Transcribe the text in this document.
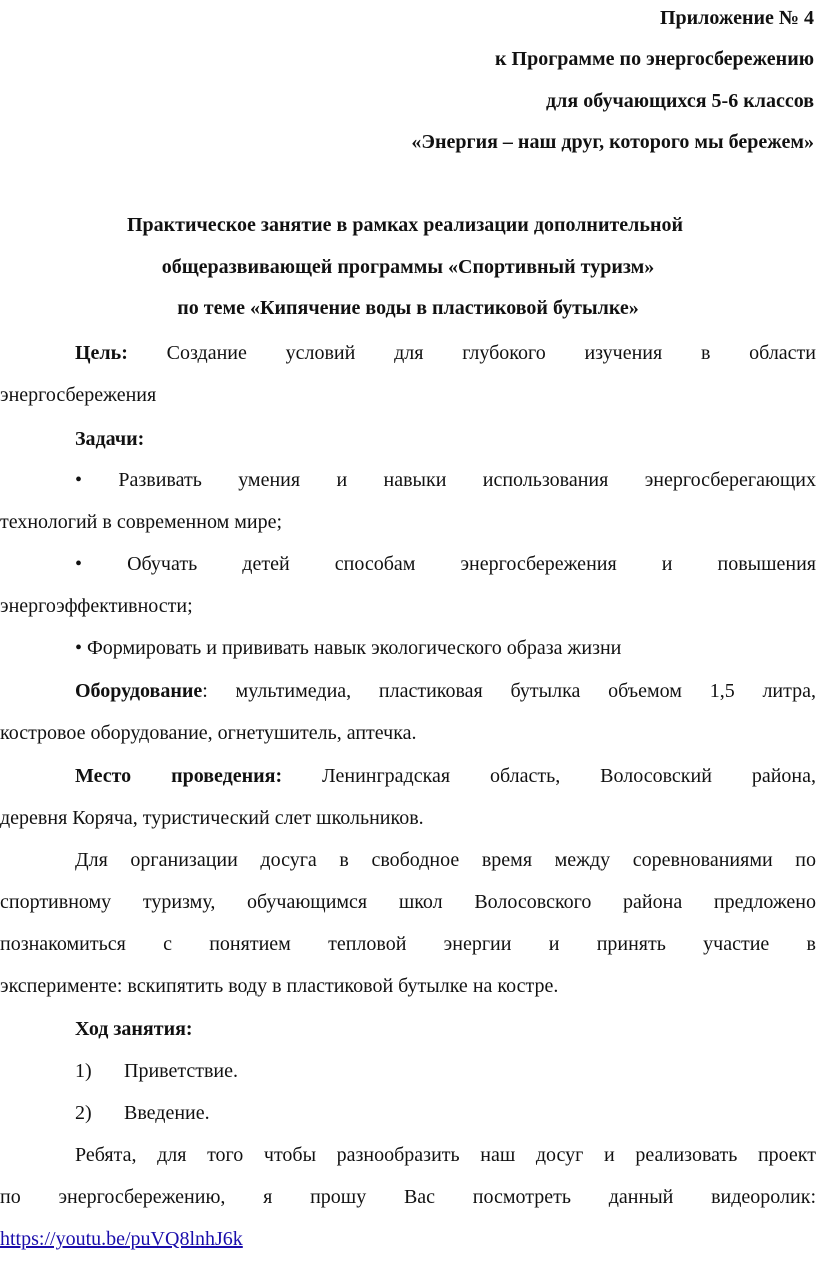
Приложение № 4
к Программе по энергосбережению
для обучающихся 5-6 классов
«Энергия – наш друг, которого мы бережем»
Практическое занятие в рамках реализации дополнительной
общеразвивающей программы «Спортивный туризм»
по теме «Кипячение воды в пластиковой бутылке»
Цель: Создание условий для глубокого изучения в области
энергосбережения
Задачи:
• Развивать умения и навыки использования энергосберегающих
технологий в современном мире;
• Обучать детей способам энергосбережения и повышения
энергоэффективности;
• Формировать и прививать навык экологического образа жизни
Оборудование: мультимедиа, пластиковая бутылка объемом 1,5 литра,
костровое оборудование, огнетушитель, аптечка.
Место проведения: Ленинградская область, Волосовский района,
деревня Коряча, туристический слет школьников.
Для организации досуга в свободное время между соревнованиями по
спортивному туризму, обучающимся школ Волосовского района предложено
познакомиться с понятием тепловой энергии и принять участие в
эксперименте: вскипятить воду в пластиковой бутылке на костре.
Ход занятия:
1) Приветствие.
2) Введение.
Ребята, для того чтобы разнообразить наш досуг и реализовать проект
по энергосбережению, я прошу Вас посмотреть данный видеоролик:
https://youtu.be/puVQ8lnhJ6k
